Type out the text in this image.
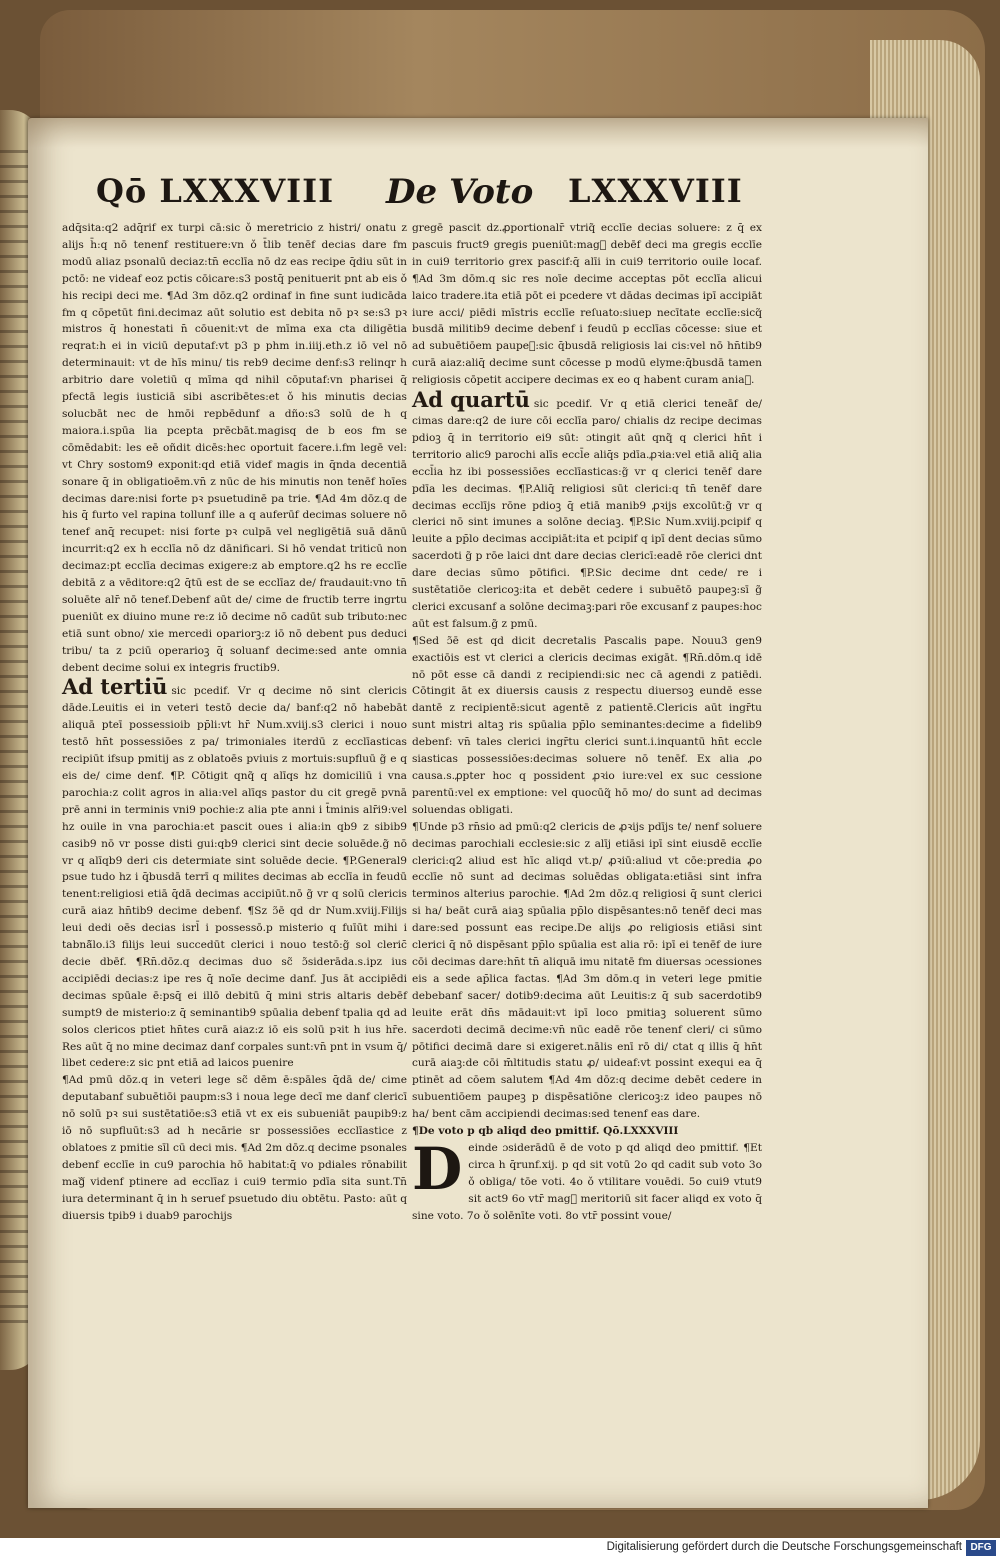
Qō LXXXVIII De Voto LXXXVIII

adq̄sita:q2 adq̄rif ex turpi cā:sic ǒ meretricio z histri/ onatu z alijs h̄:q nō tenenf restituere:vn ǒ t̄lib tenēf decias dare fm modū aliaz psonalū deciaz:tn̄ ecclīa nō dz eas recipe q̄diu sūt in pctō: ne videaf eoz pctis cōicare:s3 postq̄ penituerit pnt ab eis ǒ his recipi deci me. ¶Ad 3m dōz.q2 ordinaf in fine sunt iudicāda fm q cōpetūt fini.decimaz aūt solutio est debita nō pꝛ se:s3 pꝛ mistros q̄ honestati n̄ cōuenit:vt de mīma exa cta diligētia reqrat:h ei in viciū deputaf:vt p3 p phm in.iiij.eth.z iō vel nō determinauit: vt de hīs minu/ tis reb9 decime denf:s3 relinqr h arbitrio dare voletiū q mīma qd nihil cōputaf:vn pharisei q̄ pfectā legis iusticiā sibi ascribētes:et ǒ his minutis decias solucbāt nec de hmōi repbēdunf a dño:s3 solū de h q maiora.i.spūa lia pcepta prēcbāt.magisq de b eos fm se cōmēdabit: les eē oñdit dicēs:hec oportuit facere.i.fm legē vel: vt Chry sostom9 exponit:qd etiā videf magis in q̄nda decentiā sonare q̄ in obligatioēm.vn̄ z nūc de his minutis non tenēf hoīes decimas dare:nisi forte pꝛ psuetudinē pa trie. ¶Ad 4m dōz.q de his q̄ furto vel rapina tollunf ille a q auferūf decimas soluere nō tenef anq̄ recupet: nisi forte pꝛ culpā vel negligētiā suā dānū incurrit:q2 ex h ecclīa nō dz dānificari. Si hō vendat triticū non decimaz:pt ecclīa decimas exigere:z ab emptore.q2 hs re ecclīe debitā z a vēditore:q2 q̄tū est de se ecclīaz de/ fraudauit:vno tn̄ soluēte alr̄ nō tenef.Debenf aūt de/ cime de fructib terre ingrtu pueniūt ex diuino mune re:z iō decime nō cadūt sub tributo:nec etiā sunt obno/ xie mercedi opariorꝫ:z iō nō debent pus deduci tribu/ ta z pciū operarioꝫ q̄ soluanf decime:sed ante omnia debent decime solui ex integris fructib9.

Ad tertiū sic pcedif. Vr q decime nō sint clericis dāde.Leuitis ei in veteri testō decie da/ banf:q2 nō habebāt aliquā pteī possessioib pp̄li:vt hr̄ Num.xviij.s3 clerici i nouo testō hn̄t possessiōes z pa/ trimoniales iterdū z ecclīasticas recipiūt ifsup pmitij as z oblatoēs pviuis z mortuis:supfluū g̃ e q eis de/ cime denf. ¶P. Cōtigit qnq̃ q alīqs hz domiciliū i vna parochia:z colit agros in alia:vel alīqs pastor du cit gregē pvnā prē anni in terminis vni9 pochie:z alia pte anni i t̄minis alr̄i9:vel hz ouile in vna parochia:et pascit oues i alia:in qb9 z sibib9 casib9 nō vr posse disti gui:qb9 clerici sint decie soluēde.g̃ nō vr q alīqb9 deri cis determiate sint soluēde decie. ¶P.General9 psue tudo hz i q̄busdā terrī q milites decimas ab ecclīa in feudū tenent:religiosi etiā q̄dā decimas accipiūt.nō g̃ vr q solū clericis curā aiaz hn̄tib9 decime debenf. ¶Sz ɔ̃ē qd dr Num.xviij.Filijs leui dedi oēs decias isrl̄ i possessō.p misterio q fuīūt mihi i tabnā̃lo.i3 filijs leui succedūt clerici i nouo testō:g̃ sol cleric̄ decie dbēf. ¶Rn̄.dōz.q decimas duo sc̃ ɔ̃siderāda.s.ipz ius accipiēdi decias:z ipe res q̄ noīe decime danf. Jus āt accipiēdi decimas spūale ē:psq̄ ei illō debitū q̄ mini stris altaris debēf sumpt9 de misterio:z q̄ seminantib9 spūalia debenf tpalia qd ad solos clericos ptiet hn̄tes curā aiaz:z iō eis solū pꝛit h ius hr̄e. Res aūt q̄ no mine decimaz danf corpales sunt:vn̄ pnt in vsum q̄/ libet cedere:z sic pnt etiā ad laicos puenire

¶Ad pmū dōz.q in veteri lege sc̃ dēm ē:spāles q̄dā de/ cime deputabanf subuētiōi paupm:s3 i noua lege decī me danf clericī nō solū pꝛ sui sustētatiōe:s3 etiā vt ex eis subueniāt paupib9:z iō nō supfluūt:s3 ad h necārie sr possessiōes ecclīastice z oblatoes z pmitie sīl cū deci mis. ¶Ad 2m dōz.q decime psonales debenf ecclīe in cu9 parochia hō habitat:q̄ vo pdiales rōnabilit magᷓ videnf ptinere ad ecclīaz i cui9 termio pdīa sita sunt.Tn̄ iura determinant q̄ in h seruef psuetudo diu obtētu. Pasto: aūt q diuersis tpib9 i duab9 parochijs

gregē pascit dz.ꝓportionalr̄ vtriq̃ ecclīe decias soluere: z q̄ ex pascuis fruct9 gregis pueniūt:magᷓ debēf deci ma gregis ecclīe in cui9 territorio grex pascif:q̄ alīi in cui9 territorio ouile locaf. ¶Ad 3m dōm.q sic res noīe decime acceptas pōt ecclīa alicui laico tradere.ita etiā pōt ei pcedere vt dādas decimas ipī accipiāt iure acci/ piēdi mīstris ecclīe reſuato:siuep necītate ecclīe:sicq̃ busdā militib9 decime debenf i feudū p ecclīas cōcesse: siue et ad subuētiōem paupeꝫ:sic q̄busdā religiosis lai cis:vel nō hn̄tib9 curā aiaz:aliq̄ decime sunt cōcesse p modū elyme:q̄busdā tamen religiosis cōpetit accipere decimas ex eo q habent curam aniaꝫ.

Ad quartū sic pcedif. Vr q etiā clerici teneāf de/ cimas dare:q2 de iure cōi ecclīa paro/ chialis dz recipe decimas pdioꝫ q̄ in territorio ei9 sūt: ɔtingit aūt qnq̃ q clerici hn̄t i territorio alic9 parochi alīs eccl̄e aliq̄s pdīa.ꝓꝛia:vel etiā aliq̄ alia eccl̄ia hz ibi possessiōes ecclīasticas:g̃ vr q clerici tenēf dare pdīa les decimas. ¶P.Aliq̄ religiosi sūt clerici:q tn̄ tenēf dare decimas ecclījs rōne pdioꝫ q̄ etiā manib9 ꝓꝛijs excolūt:g̃ vr q clerici nō sint imunes a solōne deciaꝫ. ¶P.Sic Num.xviij.pcipif q leuite a pp̄lo decimas accipiāt:ita et pcipif q ipī dent decias sūmo sacerdoti g̃ p rōe laici dnt dare decias clericī:eadē rōe clerici dnt dare decias sūmo pōtifici. ¶P.Sic decime dnt cede/ re i sustētatiōe clericoꝫ:ita et debēt cedere i subuētō paupeꝫ:sī g̃ clerici excusanf a solōne decimaꝫ:pari rōe excusanf z paupes:hoc aūt est falsum.g̃ z pmū.

¶Sed ɔ̃ē est qd dicit decretalis Pascalis pape. Nouu3 gen9 exactiōis est vt clerici a clericis decimas exigāt. ¶Rn̄.dōm.q idē nō pōt esse cā dandi z recipiendi:sic nec cā agendi z patiēdi. Cōtingit āt ex diuersis causis z respectu diuersoꝫ eundē esse dantē z recipientē:sicut agentē z patientē.Clericis aūt ingr̄tu sunt mistri altaꝫ ris spūalia pp̄lo seminantes:decime a fidelib9 debenf: vn̄ tales clerici ingr̄tu clerici sunt.i.inquantū hn̄t eccle siasticas possessiōes:decimas soluere nō tenēf. Ex alia ꝓo causa.s.ꝓpter hoc q possident ꝓꝛio iure:vel ex suc cessione parentū:vel ex emptione: vel quocūq̃ hō mo/ do sunt ad decimas soluendas obligati.

¶Unde p3 rn̄sio ad pmū:q2 clericis de ꝓꝛijs pdījs te/ nenf soluere decimas parochiali ecclesie:sic z alīj etiāsi ipī sint eiusdē ecclīe clerici:q2 aliud est hīc aliqd vt.p/ ꝓꝛiū:aliud vt cōe:predia ꝓo ecclīe nō sunt ad decimas soluēdas obligata:etiāsi sint infra terminos alterius parochie. ¶Ad 2m dōz.q religiosi q̄ sunt clerici si ha/ beāt curā aiaꝫ spūalia pp̄lo dispēsantes:nō tenēf deci mas dare:sed possunt eas recipe.De alijs ꝓo religiosis etiāsi sint clerici q̄ nō dispēsant pp̄lo spūalia est alia rō: ipī ei tenēf de iure cōi decimas dare:hn̄t tn̄ aliquā imu nitatē fm diuersas ɔcessiones eis a sede ap̄lica factas. ¶Ad 3m dōm.q in veteri lege pmitie debebanf sacer/ dotib9:decima aūt Leuitis:z q̄ sub sacerdotib9 leuite erāt dn̄s mādauit:vt ipī loco pmitiaꝫ soluerent sūmo sacerdoti decimā decime:vn̄ nūc eadē rōe tenenf cleri/ ci sūmo pōtifici decimā dare si exigeret.nālis enī rō di/ ctat q illis q̄ hn̄t curā aiaꝫ:de cōi m̄ltitudis statu ꝓ/ uideaf:vt possint exequi ea q̄ ptinēt ad cōem salutem ¶Ad 4m dōz:q decime debēt cedere in subuentiōem paupeꝫ p dispēsatiōne clericoꝫ:z ideo paupes nō ha/ bent cām accipiendi decimas:sed tenenf eas dare.

¶De voto p qb aliqd deo pmittif. Qō.LXXXVIII

Deinde ɔsiderādū ē de voto p qd aliqd deo pmittif. ¶Et circa h q̄runf.xij. p qd sit votū 2o qd cadit sub voto 3o ǒ obliga/ tōe voti. 4o ǒ vtilitare vouēdi. 5o cui9 vtut9 sit act9 6o vtr̄ magᷓ meritoriū sit facer aliqd ex voto q̄ sine voto. 7o ǒ solēnīte voti. 8o vtr̄ possint voue/

Digitalisierung gefördert durch die Deutsche Forschungsgemeinschaft DFG
